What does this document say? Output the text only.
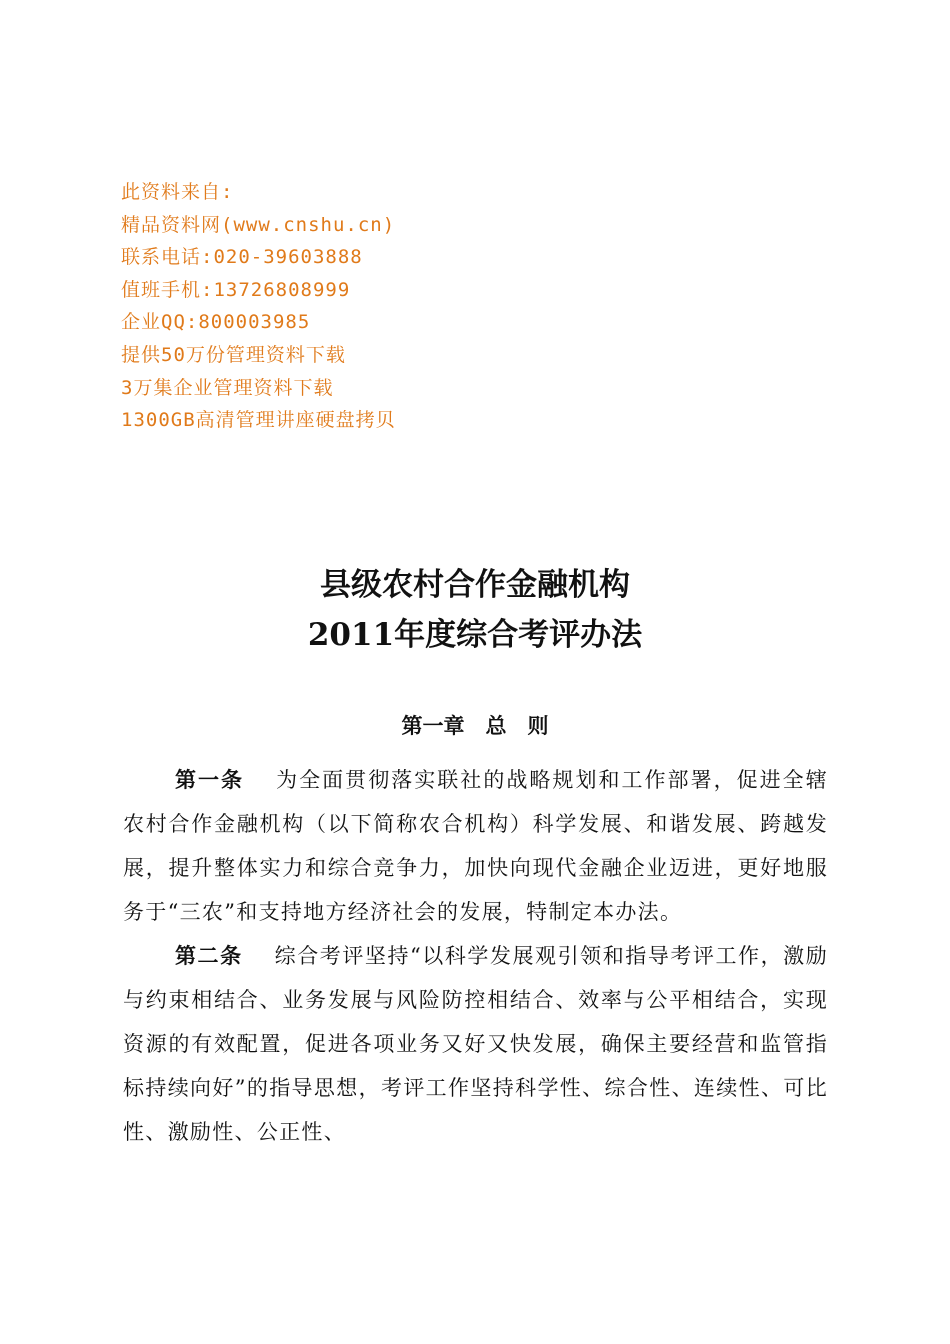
此资料来自:
精品资料网(www.cnshu.cn)
联系电话:020-39603888
值班手机:13726808999
企业QQ:800003985
提供50万份管理资料下载
3万集企业管理资料下载
1300GB高清管理讲座硬盘拷贝
县级农村合作金融机构
2011年度综合考评办法
第一章　总　则

第一条 为全面贯彻落实联社的战略规划和工作部署，促进全辖农村合作金融机构（以下简称农合机构）科学发展、和谐发展、跨越发展，提升整体实力和综合竞争力，加快向现代金融企业迈进，更好地服务于“三农”和支持地方经济社会的发展，特制定本办法。

第二条 综合考评坚持“以科学发展观引领和指导考评工作，激励与约束相结合、业务发展与风险防控相结合、效率与公平相结合，实现资源的有效配置，促进各项业务又好又快发展，确保主要经营和监管指标持续向好”的指导思想，考评工作坚持科学性、综合性、连续性、可比性、激励性、公正性、
